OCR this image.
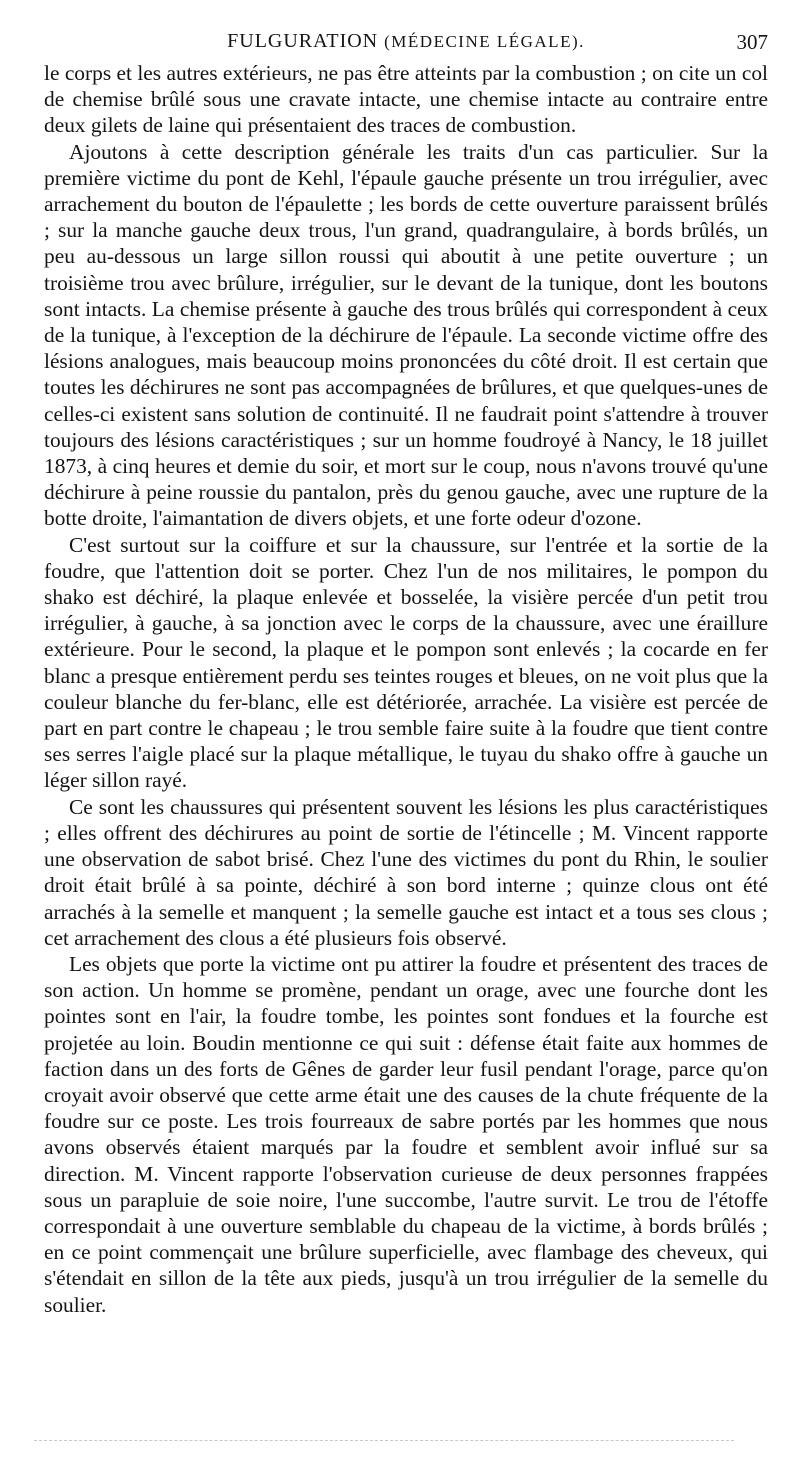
FULGURATION (MÉDECINE LÉGALE).	307

le corps et les autres extérieurs, ne pas être atteints par la combustion ; on cite un col de chemise brûlé sous une cravate intacte, une chemise intacte au contraire entre deux gilets de laine qui présentaient des traces de combustion.

Ajoutons à cette description générale les traits d'un cas particulier. Sur la première victime du pont de Kehl, l'épaule gauche présente un trou irrégulier, avec arrachement du bouton de l'épaulette ; les bords de cette ouverture paraissent brûlés ; sur la manche gauche deux trous, l'un grand, quadrangulaire, à bords brûlés, un peu au-dessous un large sillon roussi qui aboutit à une petite ouverture ; un troisième trou avec brûlure, irrégulier, sur le devant de la tunique, dont les boutons sont intacts. La chemise présente à gauche des trous brûlés qui correspondent à ceux de la tunique, à l'exception de la déchirure de l'épaule. La seconde victime offre des lésions analogues, mais beaucoup moins prononcées du côté droit. Il est certain que toutes les déchirures ne sont pas accompagnées de brûlures, et que quelques-unes de celles-ci existent sans solution de continuité. Il ne faudrait point s'attendre à trouver toujours des lésions caractéristiques ; sur un homme foudroyé à Nancy, le 18 juillet 1873, à cinq heures et demie du soir, et mort sur le coup, nous n'avons trouvé qu'une déchirure à peine roussie du pantalon, près du genou gauche, avec une rupture de la botte droite, l'aimantation de divers objets, et une forte odeur d'ozone.

C'est surtout sur la coiffure et sur la chaussure, sur l'entrée et la sortie de la foudre, que l'attention doit se porter. Chez l'un de nos militaires, le pompon du shako est déchiré, la plaque enlevée et bosselée, la visière percée d'un petit trou irrégulier, à gauche, à sa jonction avec le corps de la chaussure, avec une éraillure extérieure. Pour le second, la plaque et le pompon sont enlevés ; la cocarde en fer blanc a presque entièrement perdu ses teintes rouges et bleues, on ne voit plus que la couleur blanche du fer-blanc, elle est détériorée, arrachée. La visière est percée de part en part contre le chapeau ; le trou semble faire suite à la foudre que tient contre ses serres l'aigle placé sur la plaque métallique, le tuyau du shako offre à gauche un léger sillon rayé.

Ce sont les chaussures qui présentent souvent les lésions les plus caractéristiques ; elles offrent des déchirures au point de sortie de l'étincelle ; M. Vincent rapporte une observation de sabot brisé. Chez l'une des victimes du pont du Rhin, le soulier droit était brûlé à sa pointe, déchiré à son bord interne ; quinze clous ont été arrachés à la semelle et manquent ; la semelle gauche est intact et a tous ses clous ; cet arrachement des clous a été plusieurs fois observé.

Les objets que porte la victime ont pu attirer la foudre et présentent des traces de son action. Un homme se promène, pendant un orage, avec une fourche dont les pointes sont en l'air, la foudre tombe, les pointes sont fondues et la fourche est projetée au loin. Boudin mentionne ce qui suit : défense était faite aux hommes de faction dans un des forts de Gênes de garder leur fusil pendant l'orage, parce qu'on croyait avoir observé que cette arme était une des causes de la chute fréquente de la foudre sur ce poste. Les trois fourreaux de sabre portés par les hommes que nous avons observés étaient marqués par la foudre et semblent avoir influé sur sa direction. M. Vincent rapporte l'observation curieuse de deux personnes frappées sous un parapluie de soie noire, l'une succombe, l'autre survit. Le trou de l'étoffe correspondait à une ouverture semblable du chapeau de la victime, à bords brûlés ; en ce point commençait une brûlure superficielle, avec flambage des cheveux, qui s'étendait en sillon de la tête aux pieds, jusqu'à un trou irrégulier de la semelle du soulier.
